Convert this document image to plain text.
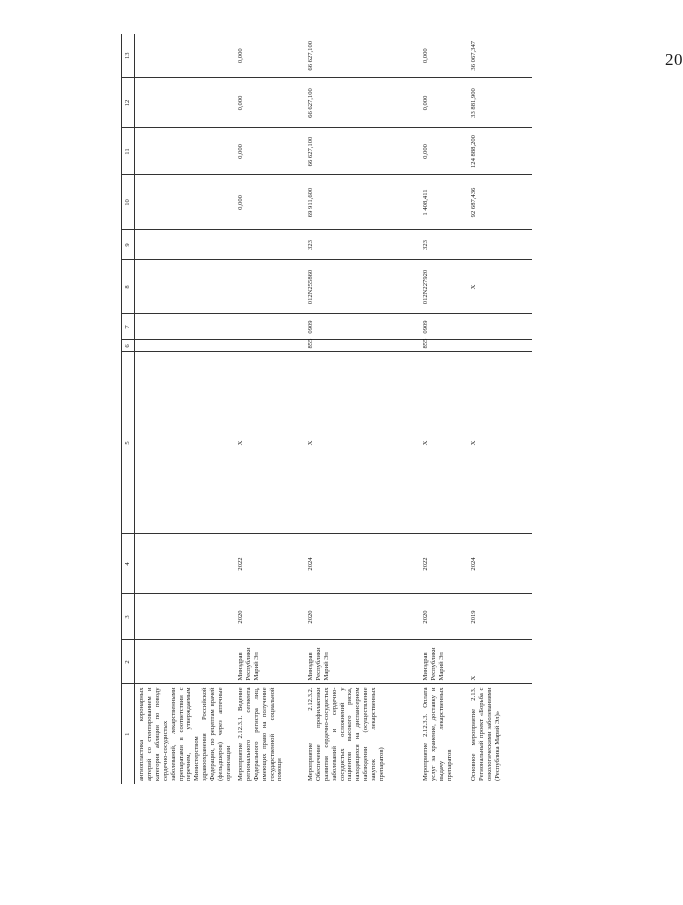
20
1	2	3	4	5	6	7	8	9	10	11	12	13
ангиопластика коронарных артерий со стентированием и категория абляции по поводу сердечно-сосудистых заболеваний, лекарственными препаратами в соответствии с перечнем, утверждаемым Министерством здравоохранения Российской Федерации, по рецептам врачей (фельдшеров) через аптечные организации												
Мероприятие 2.12.3.1. Ведение регионального сегмента Федерального регистра лиц, имеющих право на получение государственной социальной помощи	Минздрав Республики Марий Эл	2020	2022	X					0,000	0,000	0,000	0,000
Мероприятие 2.12.3.2. Обеспечение профилактики развития сердечно-сосудистых заболеваний и сердечно-сосудистых осложнений у пациентов высокого риска, находящихся на диспансерном наблюдении (осуществление закупок лекарственных препаратов)	Минздрав Республики Марий Эл	2020	2024	X	855	0909	012N255860	323	69 911,600	66 627,100	66 627,100	66 627,100
Мероприятие 2.12.3.3. Оплата услуг за хранение, доставку и выдачу лекарственных препаратов	Минздрав Республики Марий Эл	2020	2022	X	855	0909	012N227920	323	1 408,411	0,000	0,000	0,000
Основное мероприятие 2.13. Региональный проект «Борьба с онкологическими заболеваниями (Республика Марий Эл)»	X	2019	2024	X			X		92 687,436	124 888,200	33 881,900	36 067,347
